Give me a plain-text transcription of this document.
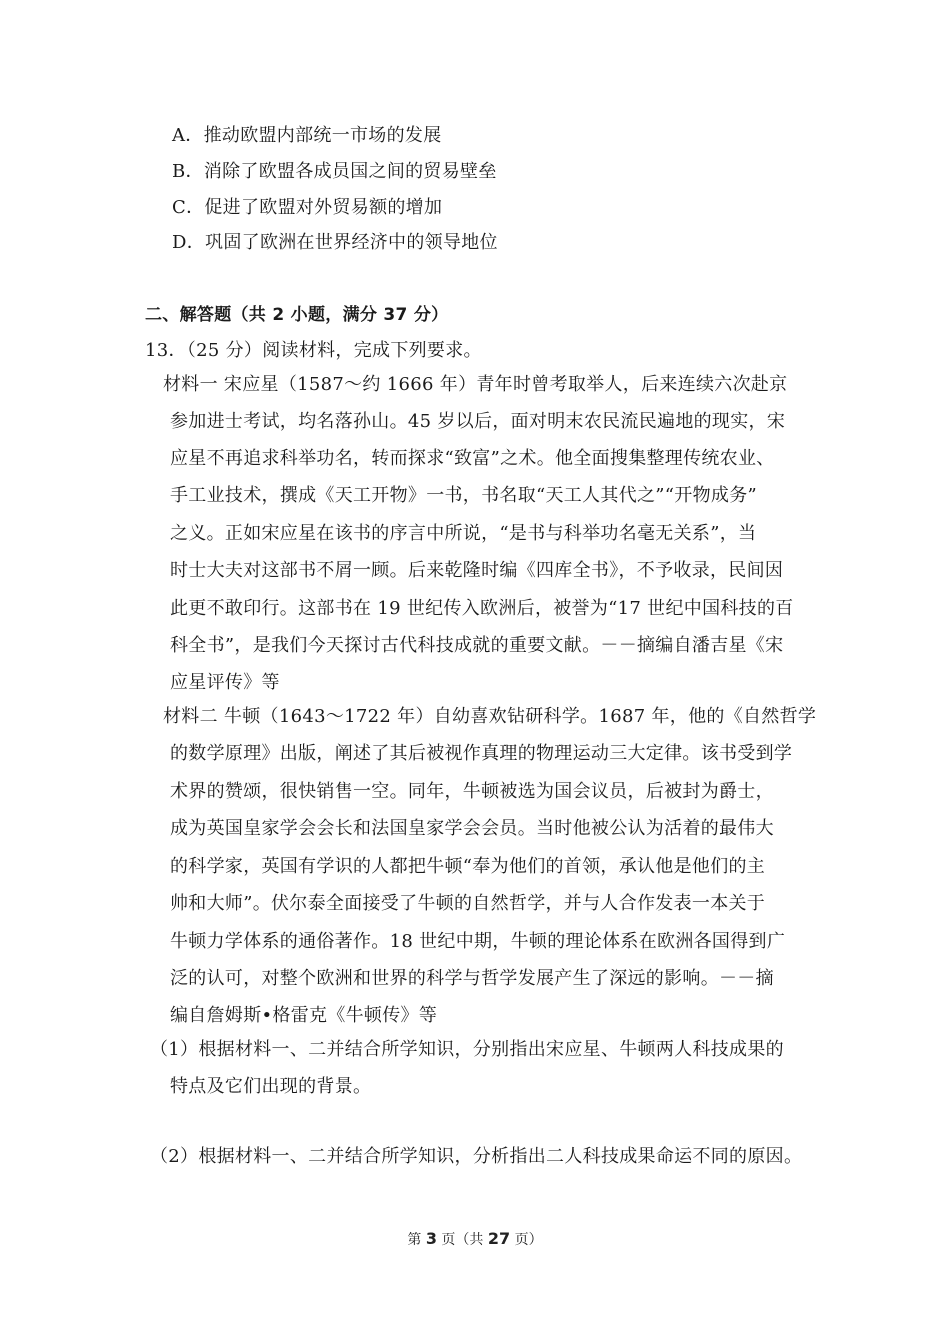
A．推动欧盟内部统一市场的发展
B．消除了欧盟各成员国之间的贸易壁垒
C．促进了欧盟对外贸易额的增加
D．巩固了欧洲在世界经济中的领导地位
二、解答题（共 2 小题，满分 37 分）
13．（25 分）阅读材料，完成下列要求。
材料一 宋应星（1587～约 1666 年）青年时曾考取举人，后来连续六次赴京
参加进士考试，均名落孙山。45 岁以后，面对明末农民流民遍地的现实，宋
应星不再追求科举功名，转而探求“致富”之术。他全面搜集整理传统农业、
手工业技术，撰成《天工开物》一书，书名取“天工人其代之”“开物成务”
之义。正如宋应星在该书的序言中所说，“是书与科举功名毫无关系”，当
时士大夫对这部书不屑一顾。后来乾隆时编《四库全书》，不予收录，民间因
此更不敢印行。这部书在 19 世纪传入欧洲后，被誉为“17 世纪中国科技的百
科全书”，是我们今天探讨古代科技成就的重要文献。－－摘编自潘吉星《宋
应星评传》等
材料二 牛顿（1643～1722 年）自幼喜欢钻研科学。1687 年，他的《自然哲学
的数学原理》出版，阐述了其后被视作真理的物理运动三大定律。该书受到学
术界的赞颂，很快销售一空。同年，牛顿被选为国会议员，后被封为爵士，
成为英国皇家学会会长和法国皇家学会会员。当时他被公认为活着的最伟大
的科学家，英国有学识的人都把牛顿“奉为他们的首领，承认他是他们的主
帅和大师”。伏尔泰全面接受了牛顿的自然哲学，并与人合作发表一本关于
牛顿力学体系的通俗著作。18 世纪中期，牛顿的理论体系在欧洲各国得到广
泛的认可，对整个欧洲和世界的科学与哲学发展产生了深远的影响。－－摘
编自詹姆斯•格雷克《牛顿传》等
（1）根据材料一、二并结合所学知识，分别指出宋应星、牛顿两人科技成果的
特点及它们出现的背景。
（2）根据材料一、二并结合所学知识，分析指出二人科技成果命运不同的原因。
第 3 页（共 27 页）
